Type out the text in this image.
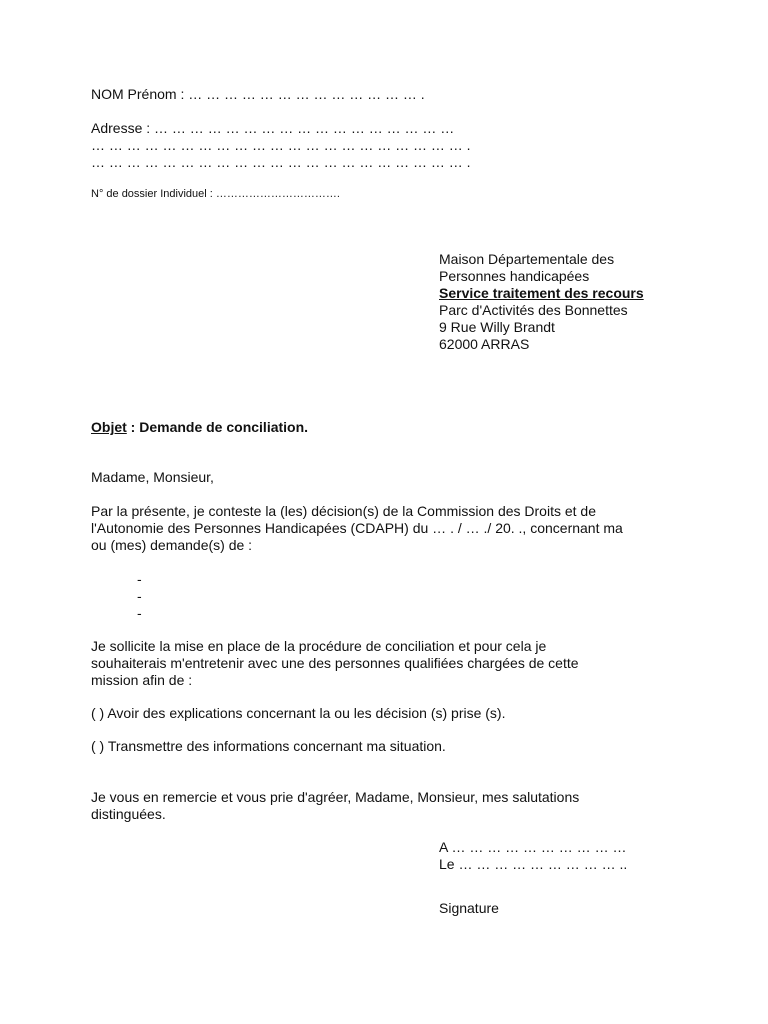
NOM Prénom : … … … … … … … … … … … … … .
Adresse : … … … … … … … … … … … … … … … … …
… … … … … … … … … … … … … … … … … … … … … .
… … … … … … … … … … … … … … … … … … … … … .
N° de dossier Individuel : …………………………….
Maison Départementale des
Personnes handicapées
Service traitement des recours
Parc d'Activités des Bonnettes
9 Rue Willy Brandt
62000 ARRAS
Objet : Demande de conciliation.
Madame, Monsieur,
Par la présente, je conteste la (les) décision(s) de la Commission des Droits et de
l'Autonomie des Personnes Handicapées (CDAPH) du … . / … ./ 20. ., concernant ma
ou (mes) demande(s) de :
-
-
-
Je sollicite la mise en place de la procédure de conciliation et pour cela je
souhaiterais m'entretenir avec une des personnes qualifiées chargées de cette
mission afin de :
( ) Avoir des explications concernant la ou les décision (s) prise (s).
( ) Transmettre des informations concernant ma situation.
Je vous en remercie et vous prie d'agréer, Madame, Monsieur, mes salutations
distinguées.
A … … … … … … … … … …
Le … … … … … … … … … ..
Signature
